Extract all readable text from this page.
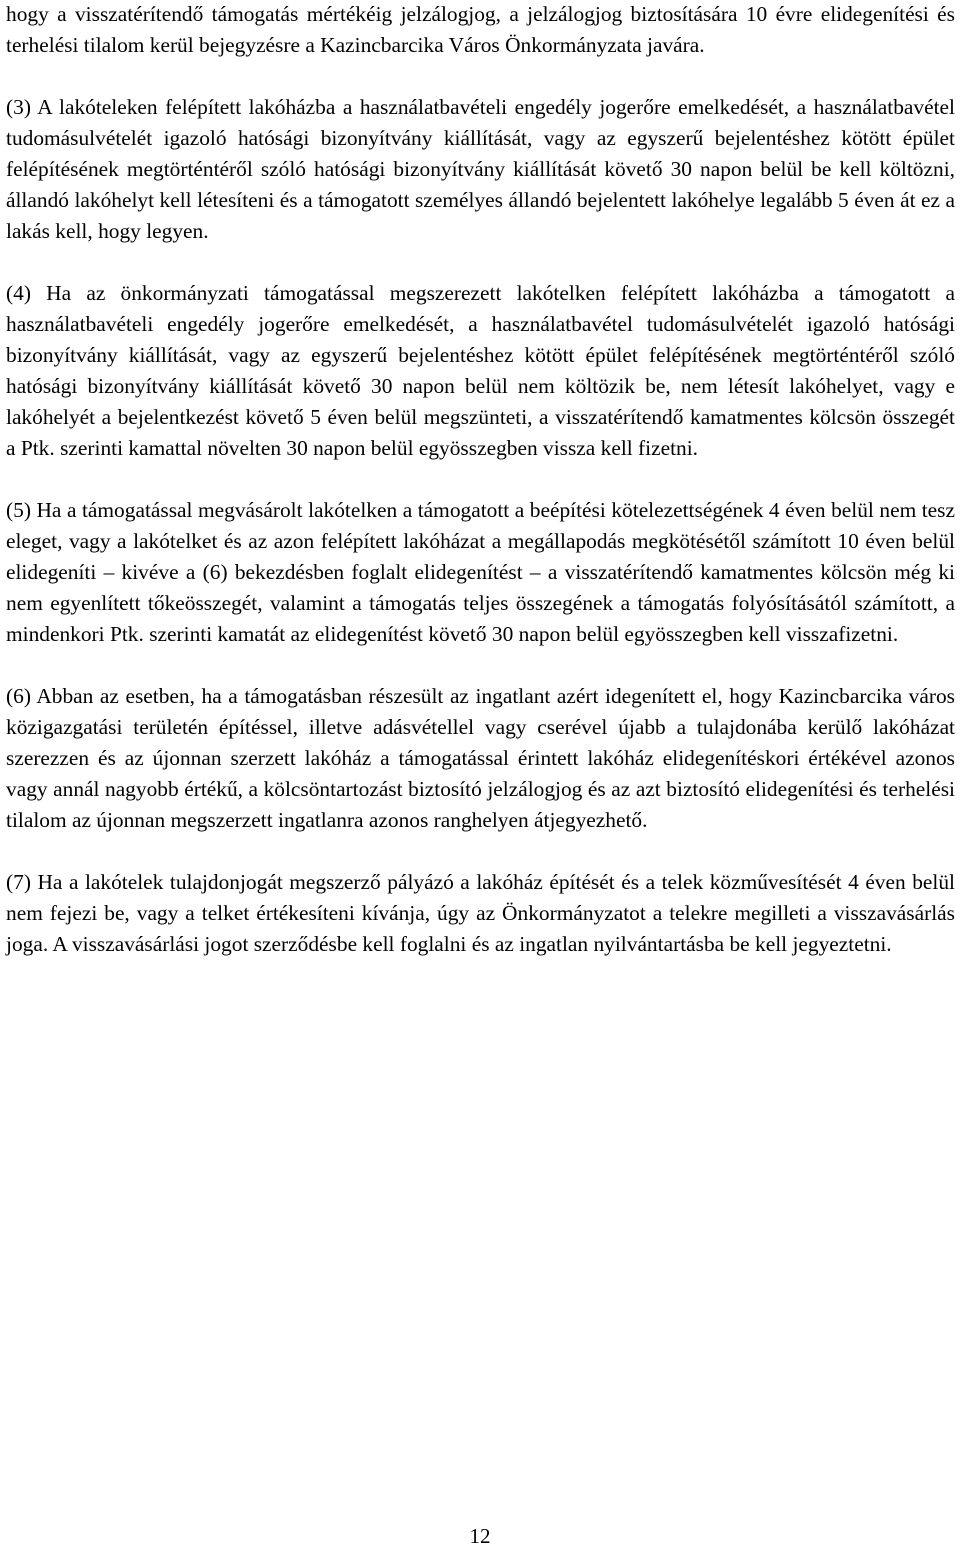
hogy a visszatérítendő támogatás mértékéig jelzálogjog, a jelzálogjog biztosítására 10 évre elidegenítési és terhelési tilalom kerül bejegyzésre a Kazincbarcika Város Önkormányzata javára.

(3) A lakóteleken felépített lakóházba a használatbavételi engedély jogerőre emelkedését, a használatbavétel tudomásulvételét igazoló hatósági bizonyítvány kiállítását, vagy az egyszerű bejelentéshez kötött épület felépítésének megtörténtéről szóló hatósági bizonyítvány kiállítását követő 30 napon belül be kell költözni, állandó lakóhelyt kell létesíteni és a támogatott személyes állandó bejelentett lakóhelye legalább 5 éven át ez a lakás kell, hogy legyen.

(4) Ha az önkormányzati támogatással megszerezett lakótelken felépített lakóházba a támogatott a használatbavételi engedély jogerőre emelkedését, a használatbavétel tudomásulvételét igazoló hatósági bizonyítvány kiállítását, vagy az egyszerű bejelentéshez kötött épület felépítésének megtörténtéről szóló hatósági bizonyítvány kiállítását követő 30 napon belül nem költözik be, nem létesít lakóhelyet, vagy e lakóhelyét a bejelentkezést követő 5 éven belül megszünteti, a visszatérítendő kamatmentes kölcsön összegét a Ptk. szerinti kamattal növelten 30 napon belül egyösszegben vissza kell fizetni.

(5) Ha a támogatással megvásárolt lakótelken a támogatott a beépítési kötelezettségének 4 éven belül nem tesz eleget, vagy a lakótelket és az azon felépített lakóházat a megállapodás megkötésétől számított 10 éven belül elidegeníti – kivéve a (6) bekezdésben foglalt elidegenítést – a visszatérítendő kamatmentes kölcsön még ki nem egyenlített tőkeösszegét, valamint a támogatás teljes összegének a támogatás folyósításától számított, a mindenkori Ptk. szerinti kamatát az elidegenítést követő 30 napon belül egyösszegben kell visszafizetni.

(6) Abban az esetben, ha a támogatásban részesült az ingatlant azért idegenített el, hogy Kazincbarcika város közigazgatási területén építéssel, illetve adásvétellel vagy cserével újabb a tulajdonába kerülő lakóházat szerezzen és az újonnan szerzett lakóház a támogatással érintett lakóház elidegenítéskori értékével azonos vagy annál nagyobb értékű, a kölcsöntartozást biztosító jelzálogjog és az azt biztosító elidegenítési és terhelési tilalom az újonnan megszerzett ingatlanra azonos ranghelyen átjegyezhető.

(7) Ha a lakótelek tulajdonjogát megszerző pályázó a lakóház építését és a telek közművesítését 4 éven belül nem fejezi be, vagy a telket értékesíteni kívánja, úgy az Önkormányzatot a telekre megilleti a visszavásárlás joga. A visszavásárlási jogot szerződésbe kell foglalni és az ingatlan nyilvántartásba be kell jegyeztetni.

12
